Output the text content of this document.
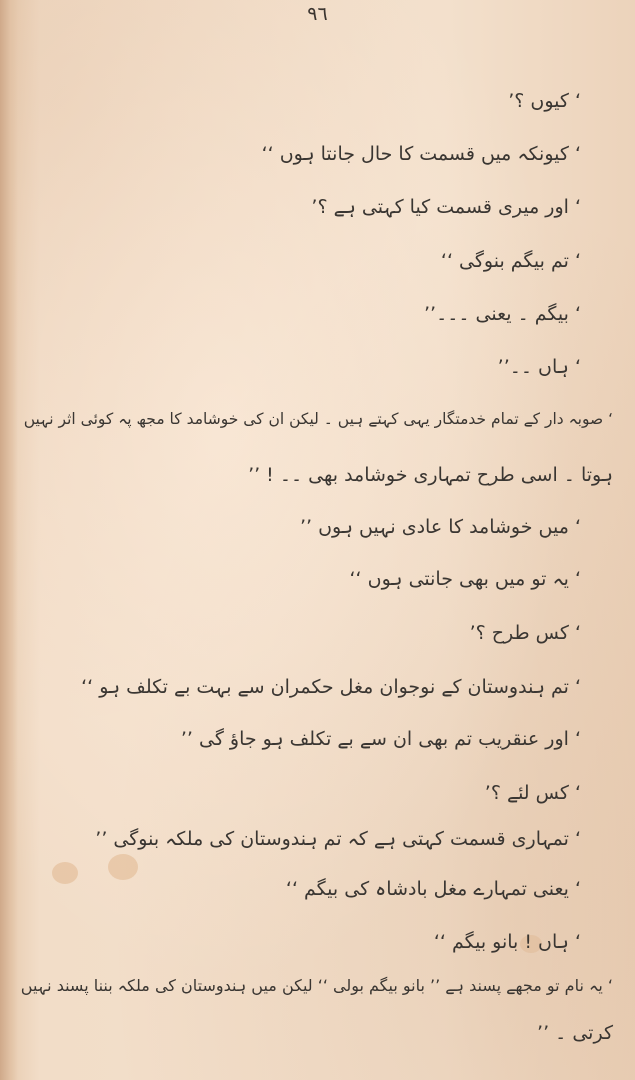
۹٦
‘ کیوں ؟’
‘ کیونکہ میں قسمت کا حال جانتا ہوں ‘‘
‘ اور میری قسمت کیا کہتی ہے ؟’
‘ تم بیگم بنوگی ‘‘
‘ بیگم ۔ یعنی ۔۔۔’’
‘ ہاں ۔۔’’
‘ صوبہ دار کے تمام خدمتگار یہی کہتے ہیں ۔ لیکن ان کی خوشامد کا مجھ پہ کوئی اثر نہیں
ہوتا ۔ اسی طرح تمہاری خوشامد بھی ۔۔ ! ’’
‘ میں خوشامد کا عادی نہیں ہوں ’’
‘ یہ تو میں بھی جانتی ہوں ‘‘
‘ کس طرح ؟’
‘ تم ہندوستان کے نوجوان مغل حکمران سے بہت بے تکلف ہو ‘‘
‘ اور عنقریب تم بھی ان سے بے تکلف ہو جاؤ گی ’’
‘ کس لئے ؟’
‘ تمہاری قسمت کہتی ہے کہ تم ہندوستان کی ملکہ بنوگی ’’
‘ یعنی تمہارے مغل بادشاہ کی بیگم ‘‘
‘ ہاں ! بانو بیگم ‘‘
‘ یہ نام تو مجھے پسند ہے ’’ بانو بیگم بولی ‘‘ لیکن میں ہندوستان کی ملکہ بننا پسند نہیں
کرتی ۔ ’’
